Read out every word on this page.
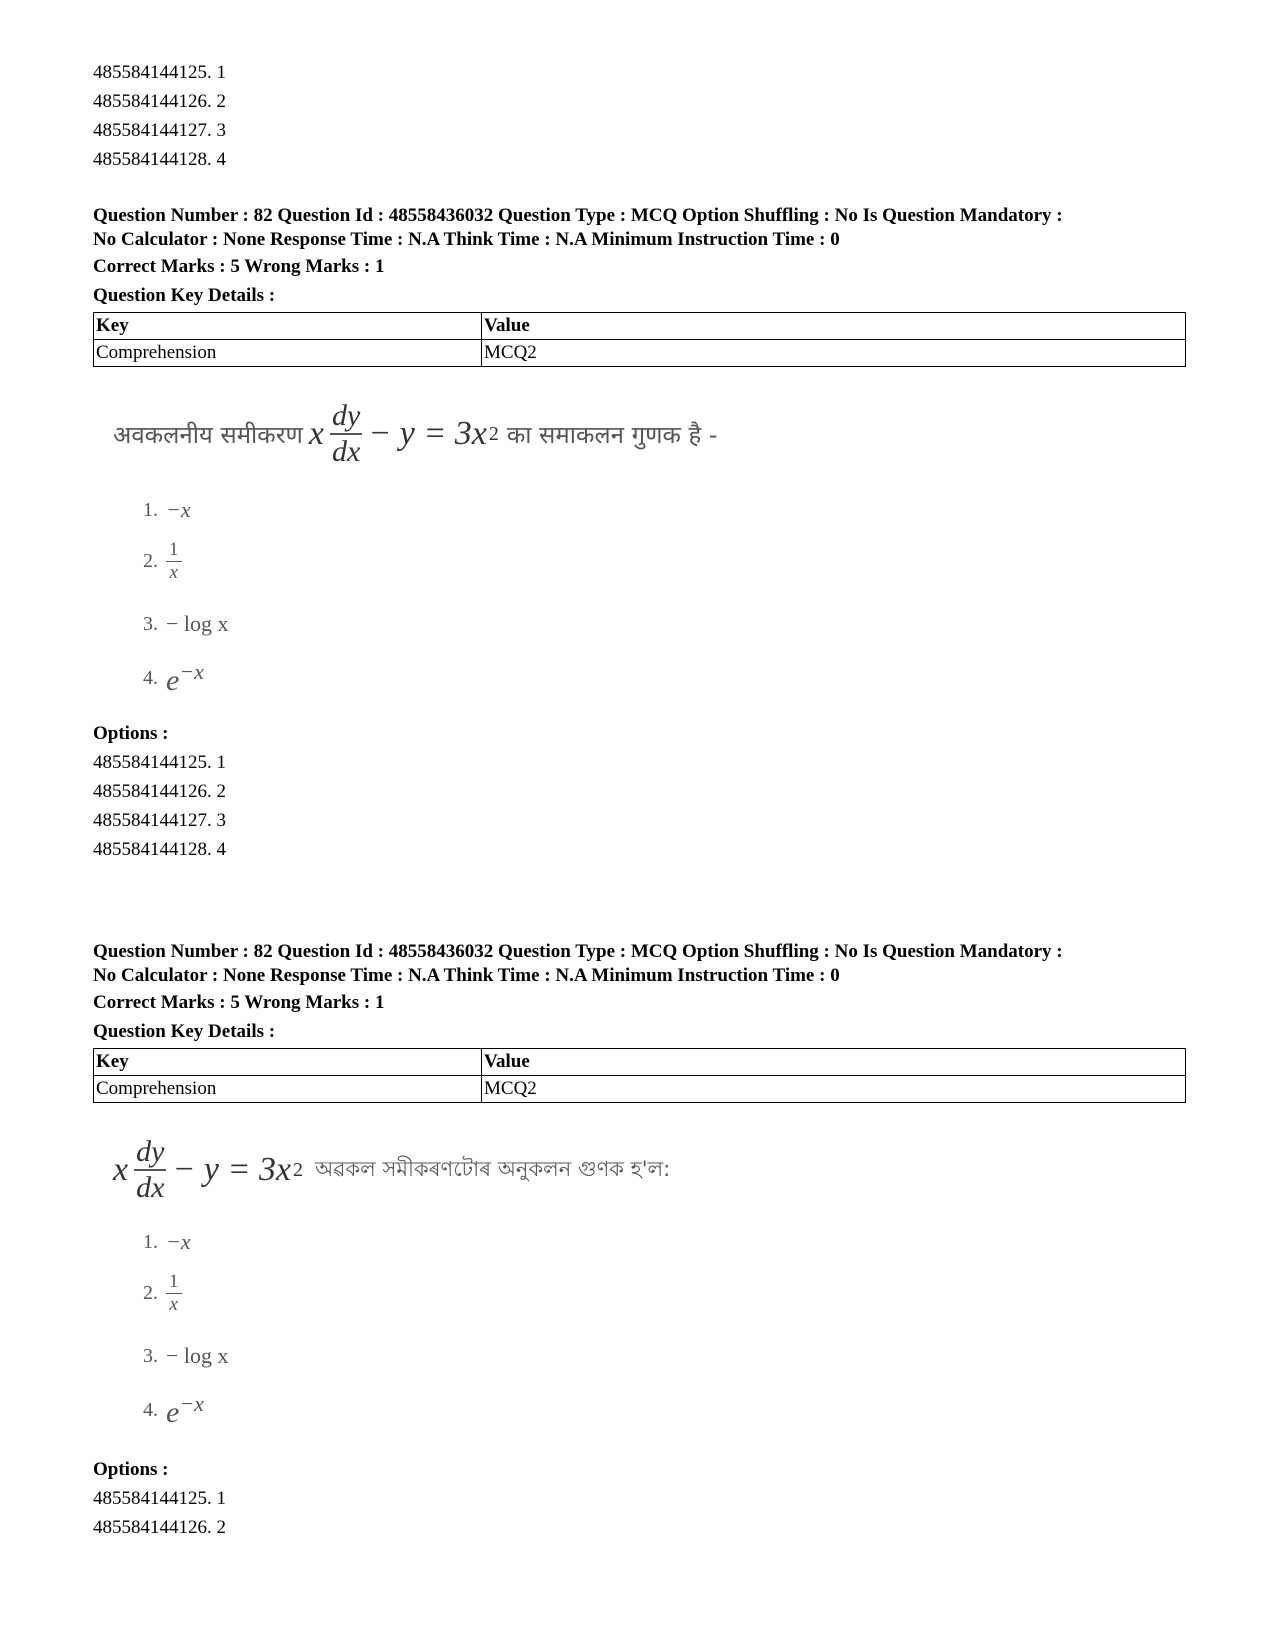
485584144125. 1
485584144126. 2
485584144127. 3
485584144128. 4
Question Number : 82 Question Id : 48558436032 Question Type : MCQ Option Shuffling : No Is Question Mandatory :
No Calculator : None Response Time : N.A Think Time : N.A Minimum Instruction Time : 0
Correct Marks : 5 Wrong Marks : 1
Question Key Details :
Key	Value
Comprehension	MCQ2
अवकलनीय समीकरण x $\frac{dy}{dx} - y = 3x$ 2 का समाकलन गुणक है -
1. −x
2. $\frac{1}{x}$
3. − log x
4. $e^{-x}$
Options :
485584144125. 1
485584144126. 2
485584144127. 3
485584144128. 4
Question Number : 82 Question Id : 48558436032 Question Type : MCQ Option Shuffling : No Is Question Mandatory :
No Calculator : None Response Time : N.A Think Time : N.A Minimum Instruction Time : 0
Correct Marks : 5 Wrong Marks : 1
Question Key Details :
Key	Value
Comprehension	MCQ2
x $\frac{dy}{dx} - y = 3x$ 2 অৱকল সমীকৰণটোৰ অনুকলন গুণক হ'ল:
1. −x
2. $\frac{1}{x}$
3. − log x
4. $e^{-x}$
Options :
485584144125. 1
485584144126. 2
